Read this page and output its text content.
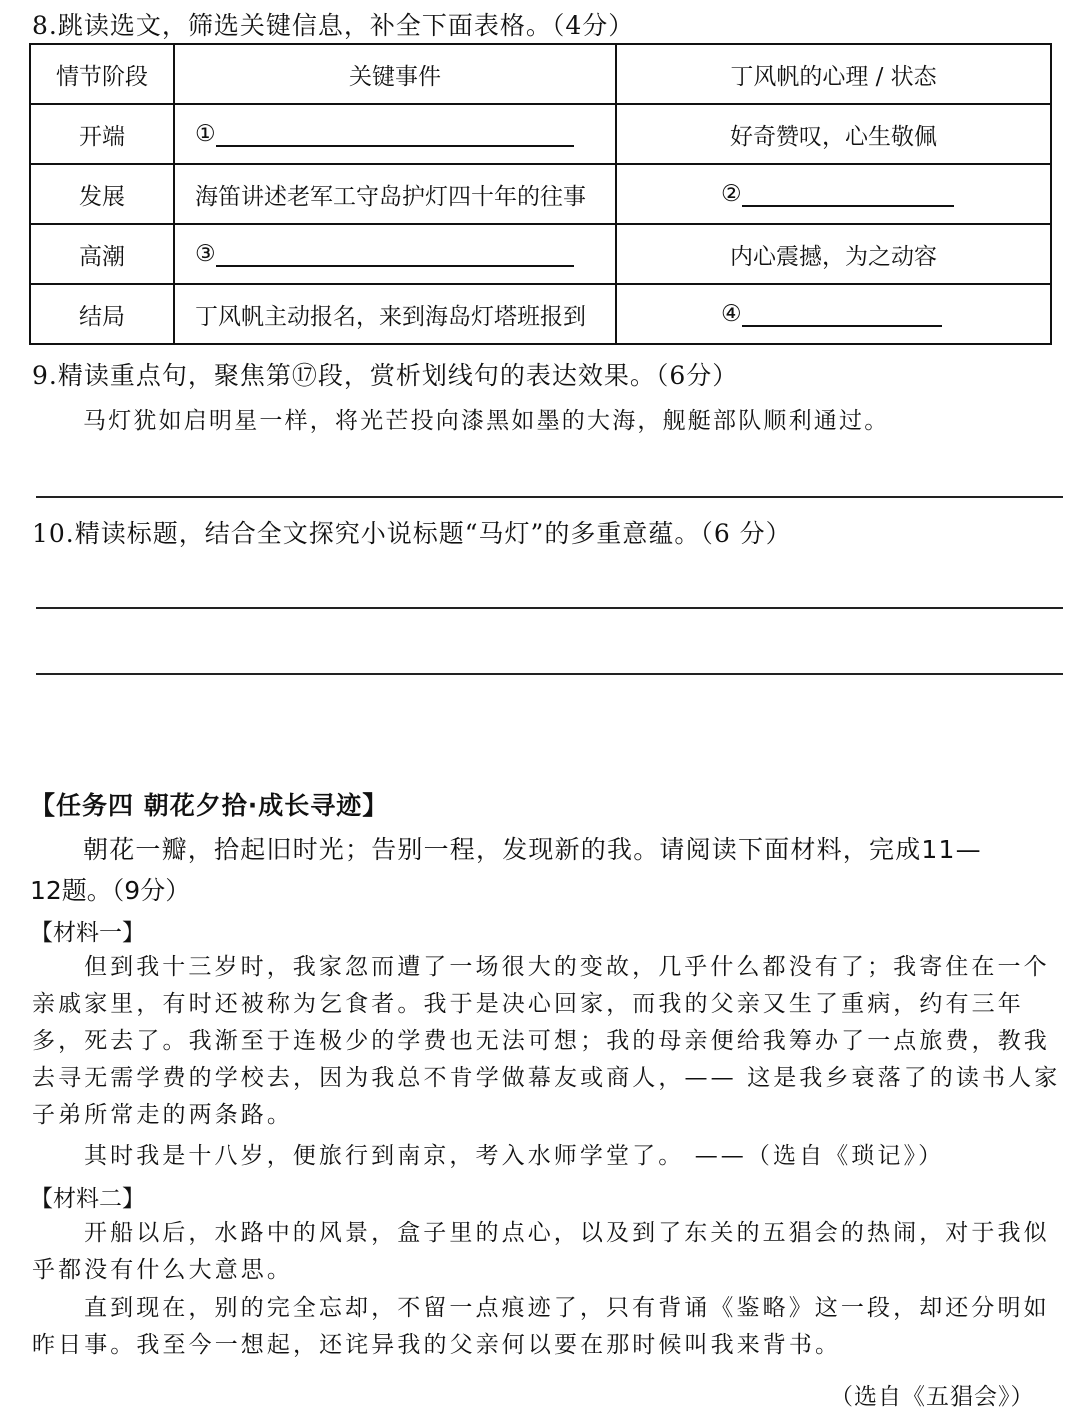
8.跳读选文，筛选关键信息，补全下面表格。（4分）
情节阶段	关键事件	丁风帆的心理 / 状态
开端	①	好奇赞叹，心生敬佩
发展	海笛讲述老军工守岛护灯四十年的往事	②
高潮	③	内心震撼，为之动容
结局	丁风帆主动报名，来到海岛灯塔班报到	④
9.精读重点句，聚焦第⑰段，赏析划线句的表达效果。（6分）
马灯犹如启明星一样，将光芒投向漆黑如墨的大海，舰艇部队顺利通过。
10.精读标题，结合全文探究小说标题“马灯”的多重意蕴。（6 分）
【任务四 朝花夕拾·成长寻迹】
朝花一瓣，拾起旧时光；告别一程，发现新的我。请阅读下面材料，完成11—
12题。（9分）
【材料一】
但到我十三岁时，我家忽而遭了一场很大的变故，几乎什么都没有了；我寄住在一个亲戚家里，有时还被称为乞食者。我于是决心回家，而我的父亲又生了重病，约有三年多，死去了。我渐至于连极少的学费也无法可想；我的母亲便给我筹办了一点旅费，教我去寻无需学费的学校去，因为我总不肯学做幕友或商人，—— 这是我乡衰落了的读书人家子弟所常走的两条路。
其时我是十八岁，便旅行到南京，考入水师学堂了。 ——（选自《琐记》）
【材料二】
开船以后，水路中的风景，盒子里的点心，以及到了东关的五猖会的热闹，对于我似乎都没有什么大意思。
直到现在，别的完全忘却，不留一点痕迹了，只有背诵《鉴略》这一段，却还分明如昨日事。我至今一想起，还诧异我的父亲何以要在那时候叫我来背书。
（选自《五猖会》）
